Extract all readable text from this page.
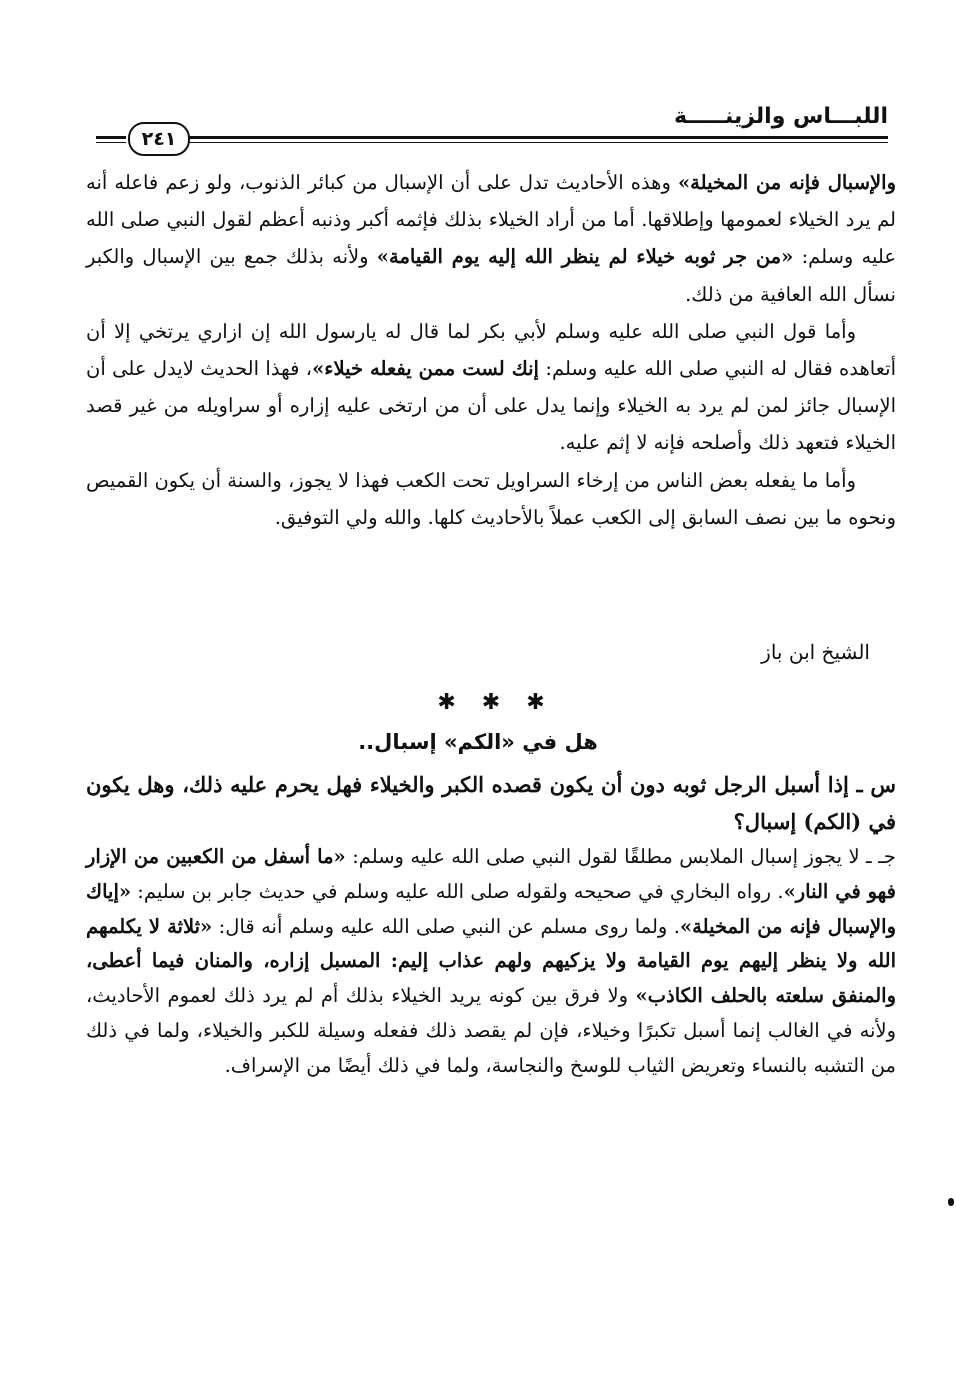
اللبـــاس والزينـــــة
٢٤١

والإسبال فإنه من المخيلة» وهذه الأحاديث تدل على أن الإسبال من كبائر الذنوب، ولو زعم فاعله أنه لم يرد الخيلاء لعمومها وإطلاقها. أما من أراد الخيلاء بذلك فإثمه أكبر وذنبه أعظم لقول النبي صلى الله عليه وسلم: «من جر ثوبه خيلاء لم ينظر الله إليه يوم القيامة» ولأنه بذلك جمع بين الإسبال والكبر نسأل الله العافية من ذلك.

وأما قول النبي صلى الله عليه وسلم لأبي بكر لما قال له يارسول الله إن ازاري يرتخي إلا أن أتعاهده فقال له النبي صلى الله عليه وسلم: إنك لست ممن يفعله خيلاء»، فهذا الحديث لايدل على أن الإسبال جائز لمن لم يرد به الخيلاء وإنما يدل على أن من ارتخى عليه إزاره أو سراويله من غير قصد الخيلاء فتعهد ذلك وأصلحه فإنه لا إثم عليه.

وأما ما يفعله بعض الناس من إرخاء السراويل تحت الكعب فهذا لا يجوز، والسنة أن يكون القميص ونحوه ما بين نصف السابق إلى الكعب عملاً بالأحاديث كلها. والله ولي التوفيق.

الشيخ ابن باز
✱✱✱
هل في «الكم» إسبال..

س ـ إذا أسبل الرجل ثوبه دون أن يكون قصده الكبر والخيلاء فهل يحرم عليه ذلك، وهل يكون في (الكم) إسبال؟

جـ ـ لا يجوز إسبال الملابس مطلقًا لقول النبي صلى الله عليه وسلم: «ما أسفل من الكعبين من الإزار فهو في النار». رواه البخاري في صحيحه ولقوله صلى الله عليه وسلم في حديث جابر بن سليم: «إياك والإسبال فإنه من المخيلة». ولما روى مسلم عن النبي صلى الله عليه وسلم أنه قال: «ثلاثة لا يكلمهم الله ولا ينظر إليهم يوم القيامة ولا يزكيهم ولهم عذاب إليم: المسبل إزاره، والمنان فيما أعطى، والمنفق سلعته بالحلف الكاذب» ولا فرق بين كونه يريد الخيلاء بذلك أم لم يرد ذلك لعموم الأحاديث، ولأنه في الغالب إنما أسبل تكبرًا وخيلاء، فإن لم يقصد ذلك ففعله وسيلة للكبر والخيلاء، ولما في ذلك من التشبه بالنساء وتعريض الثياب للوسخ والنجاسة، ولما في ذلك أيضًا من الإسراف.
